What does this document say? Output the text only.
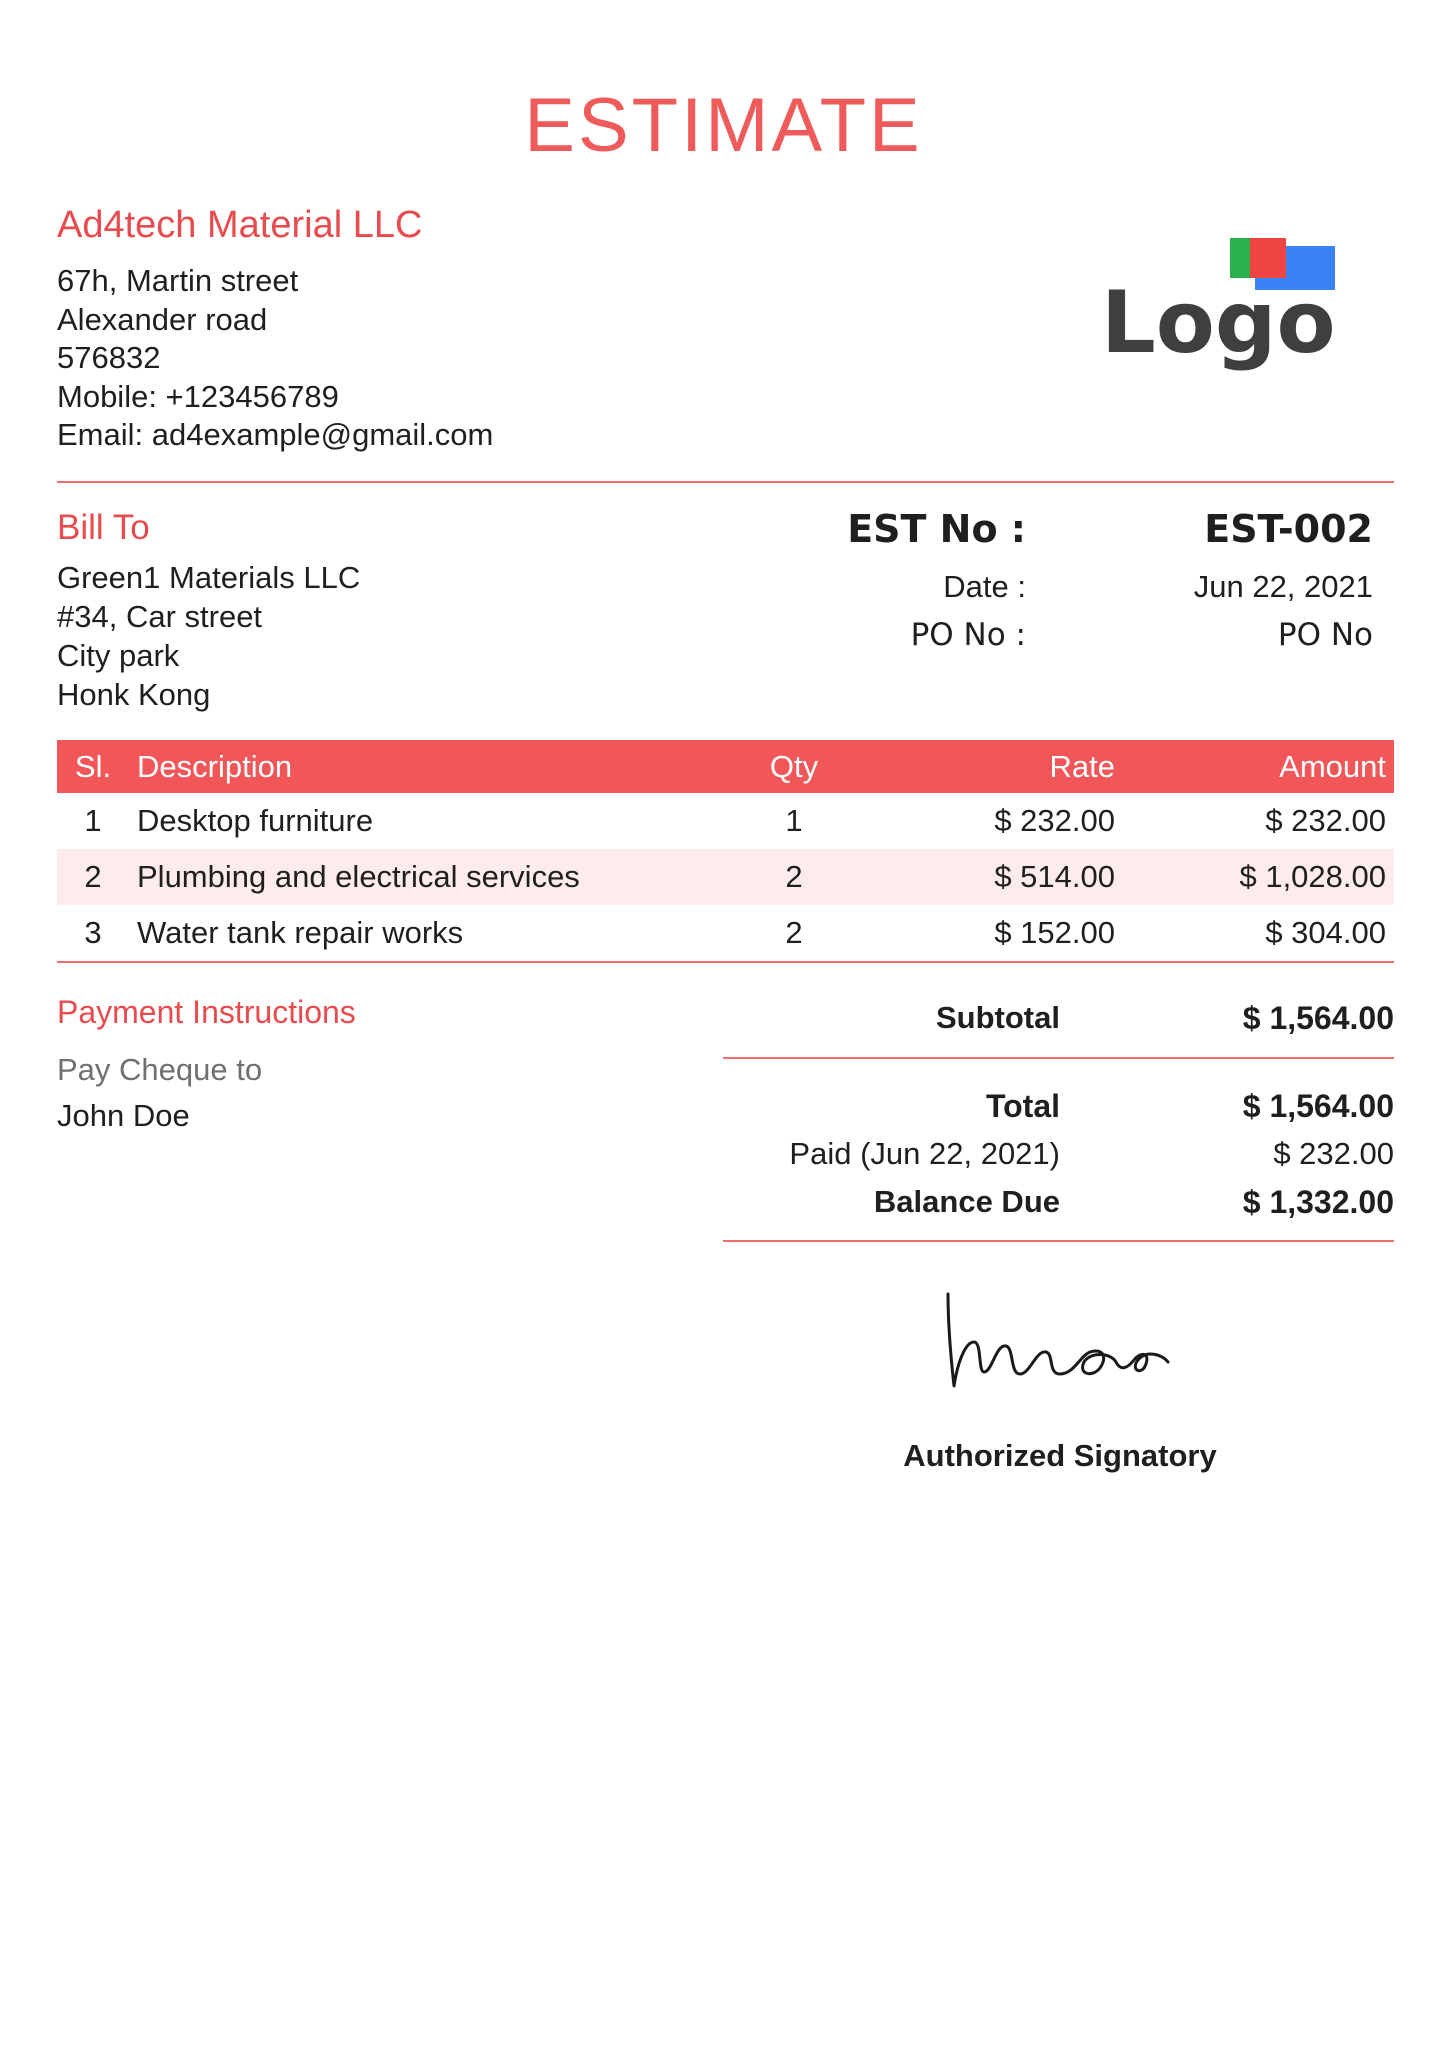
ESTIMATE
Ad4tech Material LLC
67h, Martin street
Alexander road
576832
Mobile: +123456789
Email: ad4example@gmail.com
Logo
Bill To
Green1 Materials LLC
#34, Car street
City park
Honk Kong
EST No :	EST-002
Date :	Jun 22, 2021
PO No :	PO No
Sl.	Description	Qty	Rate	Amount
1	Desktop furniture	1	$ 232.00	$ 232.00
2	Plumbing and electrical services	2	$ 514.00	$ 1,028.00
3	Water tank repair works	2	$ 152.00	$ 304.00
Payment Instructions
Pay Cheque to
John Doe
Subtotal	$ 1,564.00
Total	$ 1,564.00
Paid (Jun 22, 2021)	$ 232.00
Balance Due	$ 1,332.00
Authorized Signatory
